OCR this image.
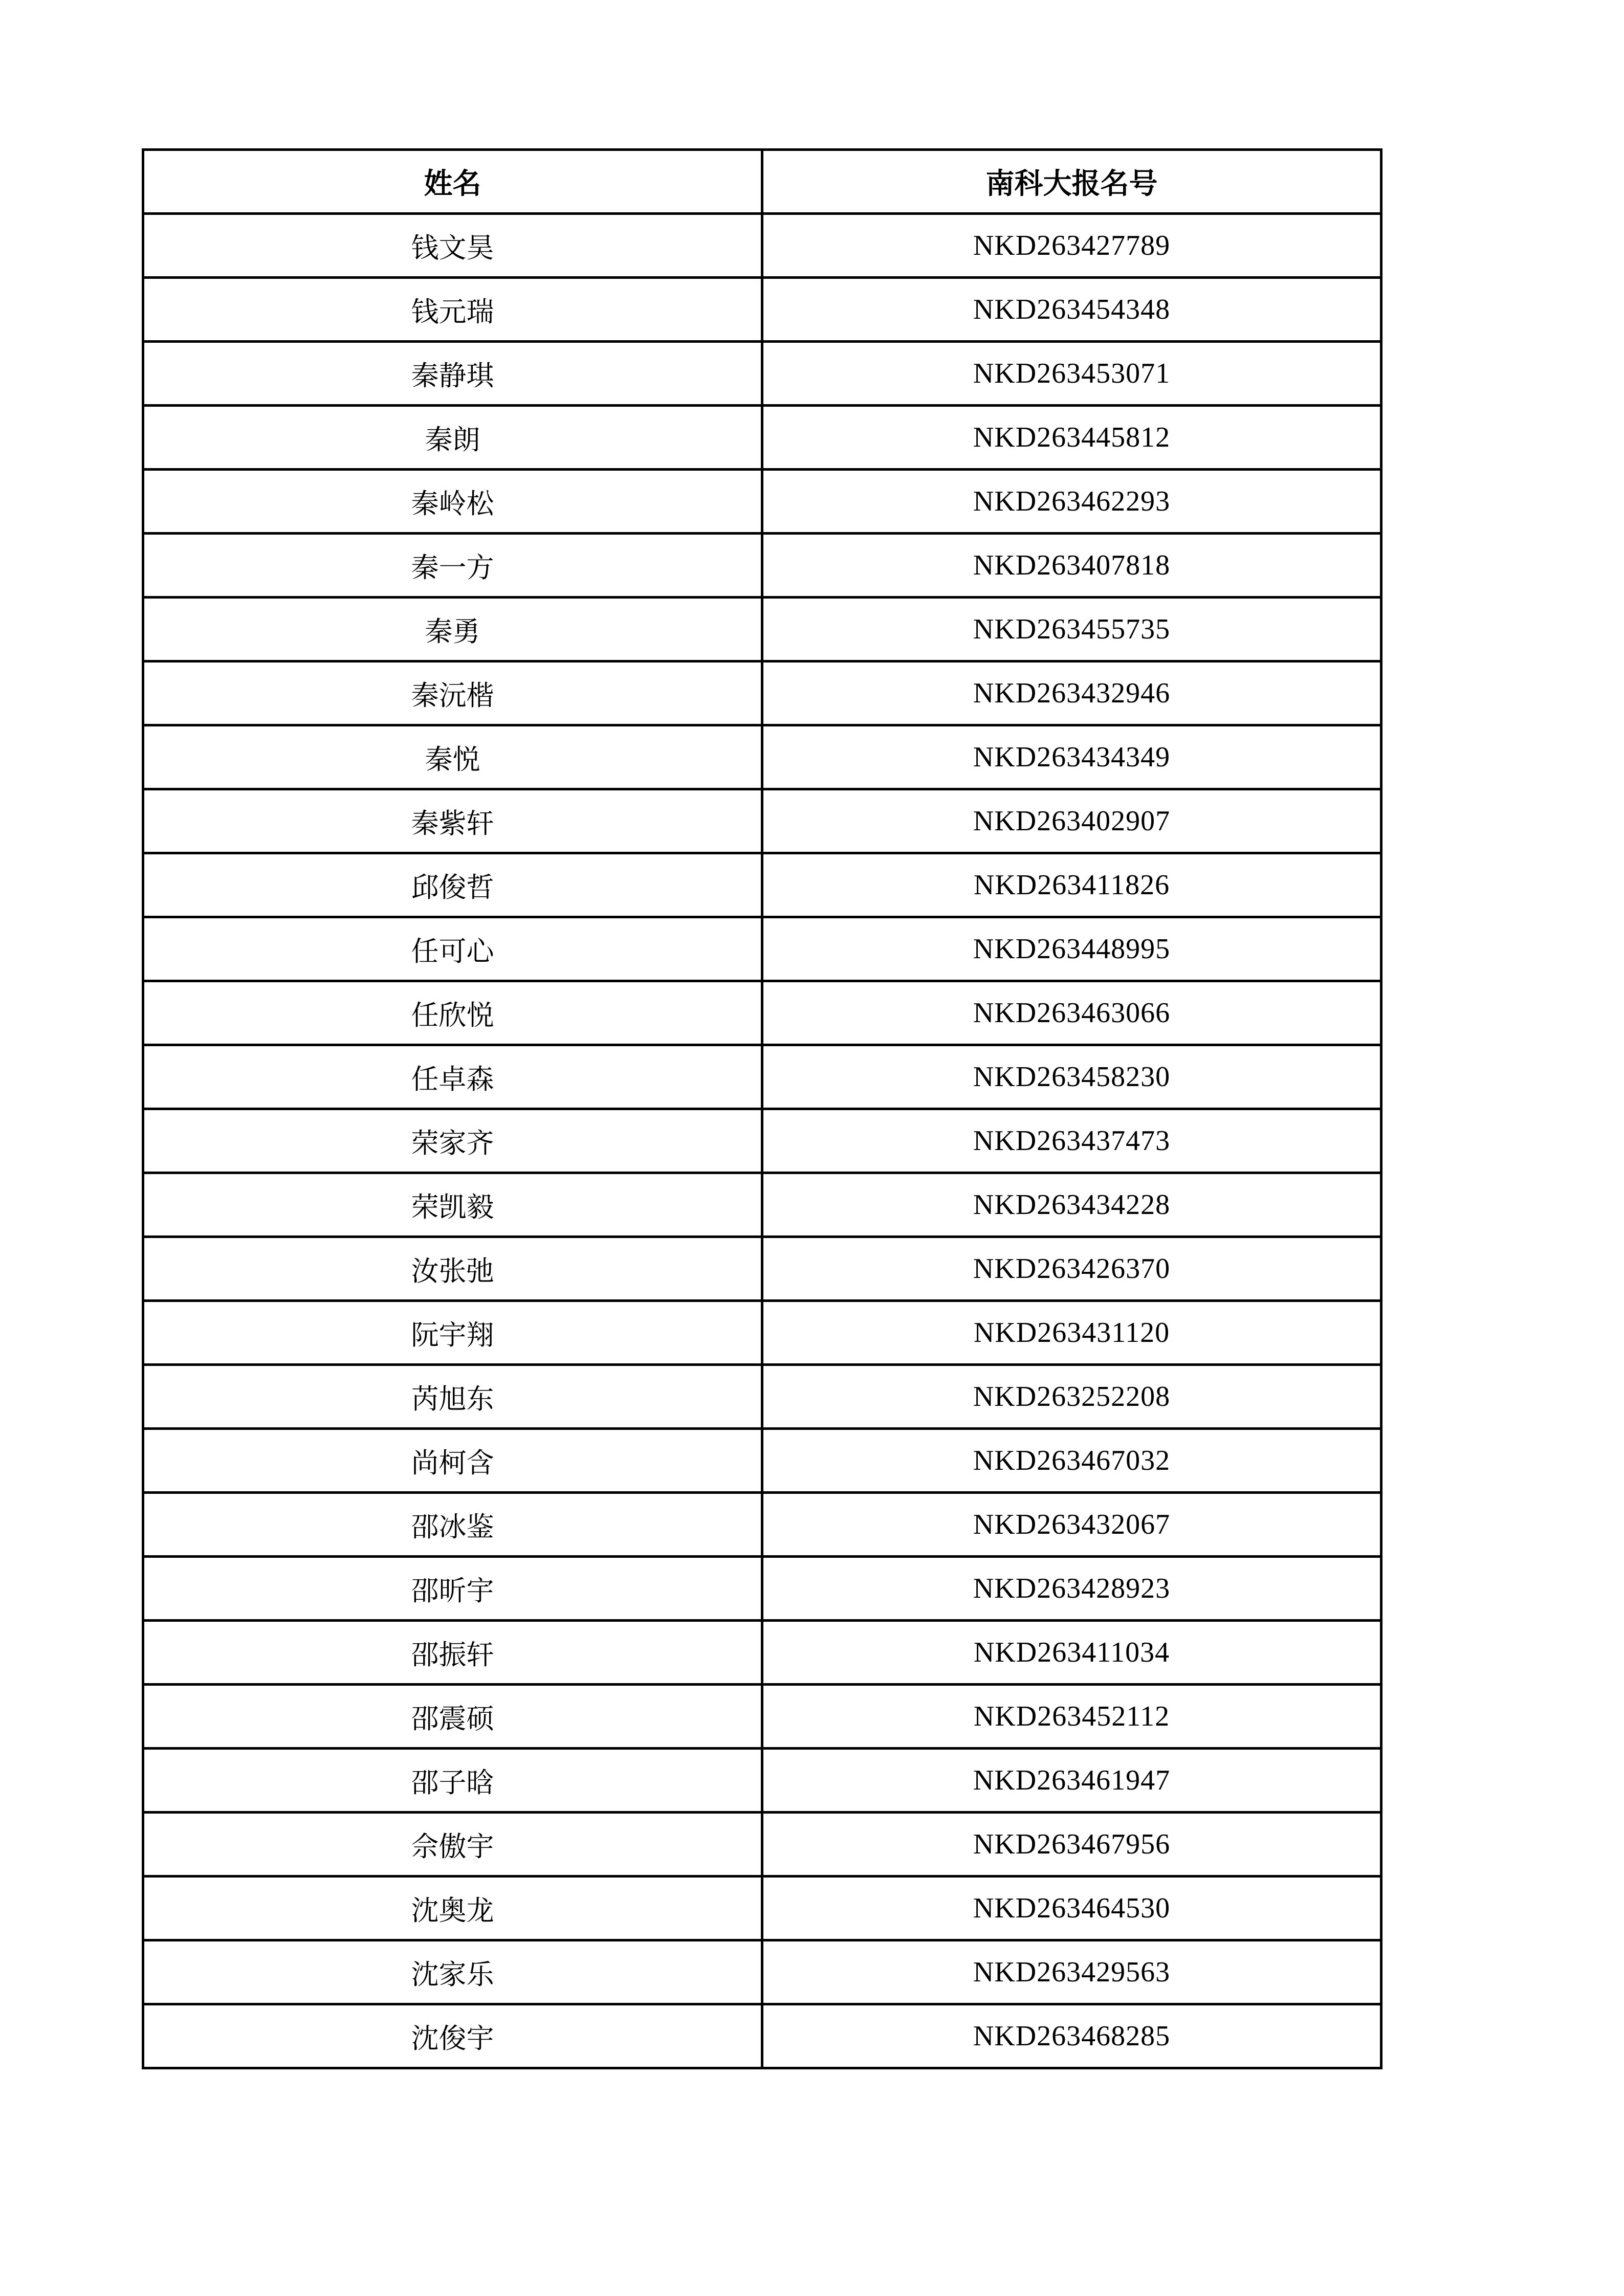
姓名	南科大报名号
钱文昊	NKD263427789
钱元瑞	NKD263454348
秦静琪	NKD263453071
秦朗	NKD263445812
秦岭松	NKD263462293
秦一方	NKD263407818
秦勇	NKD263455735
秦沅楷	NKD263432946
秦悦	NKD263434349
秦紫轩	NKD263402907
邱俊哲	NKD263411826
任可心	NKD263448995
任欣悦	NKD263463066
任卓森	NKD263458230
荣家齐	NKD263437473
荣凯毅	NKD263434228
汝张弛	NKD263426370
阮宇翔	NKD263431120
芮旭东	NKD263252208
尚柯含	NKD263467032
邵冰鉴	NKD263432067
邵昕宇	NKD263428923
邵振轩	NKD263411034
邵震硕	NKD263452112
邵子晗	NKD263461947
佘傲宇	NKD263467956
沈奥龙	NKD263464530
沈家乐	NKD263429563
沈俊宇	NKD263468285
